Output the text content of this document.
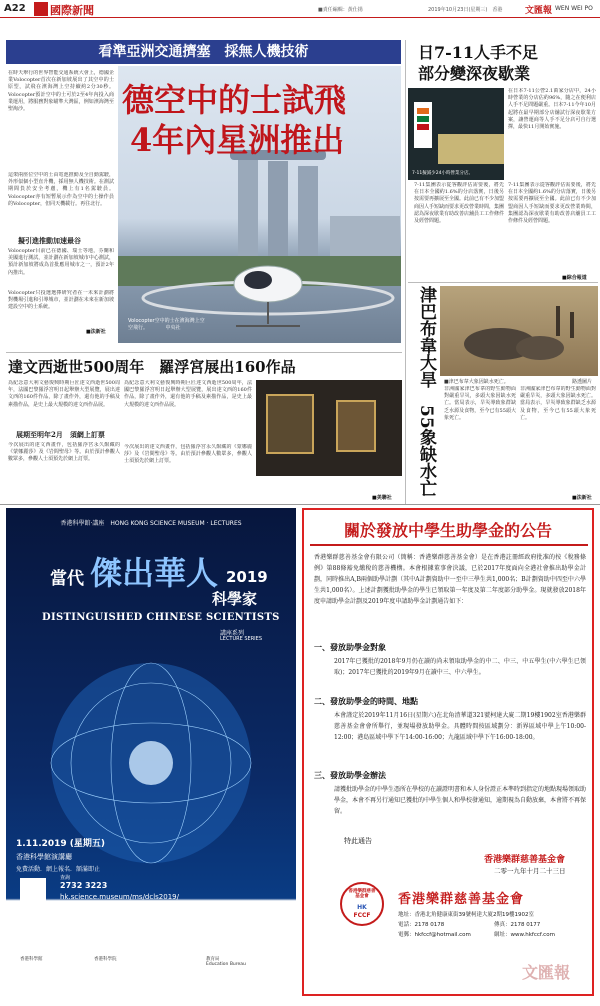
A22 國際新聞	■責任編輯：黃仕揚	2019年10月23日(星期三)　香港	文匯報 WEN WEI PO
看準亞洲交通擠塞　採無人機技術
德空中的士試飛
4年內星洲推出
在時天舉行的世界智能交通系統大會上，德國企業Volocopter首次在新加坡展出了其空中的士原型，試飛在濱海灣上空持續約2分30秒。Volocopter預計空中的士可於2至4年內投入商業運用，將服務對象瞄準大灣區，例如濱海灣至聖淘沙。
這架兩座位空中的士由電池推動及全自動駕駛，外形似個小型直升機，採用無人機技術。在測試期間負於安全考慮，機上有1名駕駛員。Volocopter亦有短暫展示作為空中的士操作員的Volocopter，但同天機載行。再往北行。
擬引進推動加速最谷
Volocopter目前已在德國、瑞士等地，芬蘭和美國進行測試，並計劃在新加坡城市中心測試，預計新加坡將成為首批應用城市之一，預計2年內推出。
Volocopter只投選選擇研究者在一未來計劃將對機場引進和引導城市，並計劃在未來在新加坡建設空中的士系統。
■法新社
Volocopter空中的士在濱海灣上空
空飛行。　　　　中央社
日7-11人手不足
部分變深夜歇業
7-11擬減少24小時營業分店。
在日本7-11公營2.1萬家分店中，24小時營業的分店佔約96%，隨之在便利店人手不足問題嚴重。日本7-11今年10月起將在最早期部分店舖試行深夜歇業方案，讓營運商等人手不足分店可自行選擇，最快11月開始實施。
7-11集團表示從客觀評估需要後，將先在日本全國約1.6%的分店落實，日後另按需要再擴展至全國。此前已有不少加盟商因人手短缺而要求更改營業時間，集團認為深夜歇業有助改善店舖員工工作條件及經營問題。
7-11集團表示從客觀評估需要後，將先在日本全國約1.6%的分店落實，日後另按需要再擴展至全國。此前已有不少加盟商因人手短缺而要求更改營業時間，集團認為深夜歇業有助改善店舖員工工作條件及經營問題。
■綜合報道
津巴布韋大旱　55象缺水亡 ■津巴布韋大象因缺水死亡。	路透圖片
非洲國家津巴布韋的野生動物面對嚴重旱災，多頭大象因缺水死亡。當局表示，旱災導致象群缺乏水源及食物，至今已有55頭大象死亡。
非洲國家津巴布韋的野生動物面對嚴重旱災，多頭大象因缺水死亡。當局表示，旱災導致象群缺乏水源及食物，至今已有55頭大象死亡。
■法新社
達文西逝世500周年　羅浮宮展出160作品
為紀念意大利文藝復興時期巨匠達文西逝世500周年，法國巴黎羅浮宮明日起舉辦大型展覽，展出達文西的160件作品，除了畫作外，還有他的手稿及素描作品，是史上最大規模的達文西作品展。
展期至明年2月　須網上訂票
今次展出的達文西畫作，包括羅浮宮永久館藏的《蒙娜麗莎》及《岩間聖母》等。由於預計參觀人數眾多，參觀人士須預先於網上訂票。
為紀念意大利文藝復興時期巨匠達文西逝世500周年，法國巴黎羅浮宮明日起舉辦大型展覽，展出達文西的160件作品，除了畫作外，還有他的手稿及素描作品，是史上最大規模的達文西作品展。
今次展出的達文西畫作，包括羅浮宮永久館藏的《蒙娜麗莎》及《岩間聖母》等。由於預計參觀人數眾多，參觀人士須預先於網上訂票。
■美聯社
香港科學館‧講座　HONG KONG SCIENCE MUSEUM ‧ LECTURES
當代 傑出華人 2019
科學家
DISTINGUISHED CHINESE SCIENTISTS
講座系列
LECTURE SERIES
1.11.2019 (星期五)
香港科學館演講廳
免費活動．網上報名．額滿即止
查詢
2732 3223
hk.science.museum/ms/dcls2019/
香港科學館	香港科學院	教育局
Education Bureau
關於發放中學生助學金的公告
香港樂群慈善基金會有限公司（簡稱：香港樂群慈善基金會）是在香港註冊經政府批准的按《稅務條例》第88條豁免繳稅的慈善機構。本會根據董事會決議，已於2017年度面向全港社會推出助學金計劃，同時推出A,B兩個助學計劃（其中A計劃資助中一至中三學生共1,000名；B計劃資助中四至中六學生共1,000名）。上述計劃獲批助學金的學生已領取第一年度及第二年度部分助學金。現就發放2018年度申請助學金計劃及2019年度申請助學金計劃通告如下：
一、發放助學金對象
2017年已獲批的2018年9月仍在讀的尚未領取助學金的中二、中三、中五學生(中六學生已領取)；2017年已獲批的2019年9月在讀中三、中六學生。
二、發放助學金的時間、地點
本會謹定於2019年11月16日(星期六)在北角渣華道321號柯達大廈二期19樓1902室香港樂群慈善基金會會所舉行，並現場發放助學金。具體時間按區域劃分：新界區域中學上午10:00-12:00；港島區域中學下午14:00-16:00；九龍區域中學下午16:00-18:00。
三、發放助學金辦法
請獲批助學金的中學生憑所在學校的在讀證明書和本人身份證正本準時到指定的地點現場領取助學金，本會不再另行通知已獲批的中學生個人和學校發通知，逾期視為自動放棄，本會將不再保留。
特此通告
香港樂群慈善基金會
二零一九年十月二十三日
香港樂群慈善基金會
HK
FCCF
香港樂群慈善基金會
地址：香港北角健康東街39號柯達大廈2期19樓1902室
電話：2178 0178	傳真：2178 0177
電郵：hkfccf@hotmail.com	網址：www.hkfccf.com
文匯報
